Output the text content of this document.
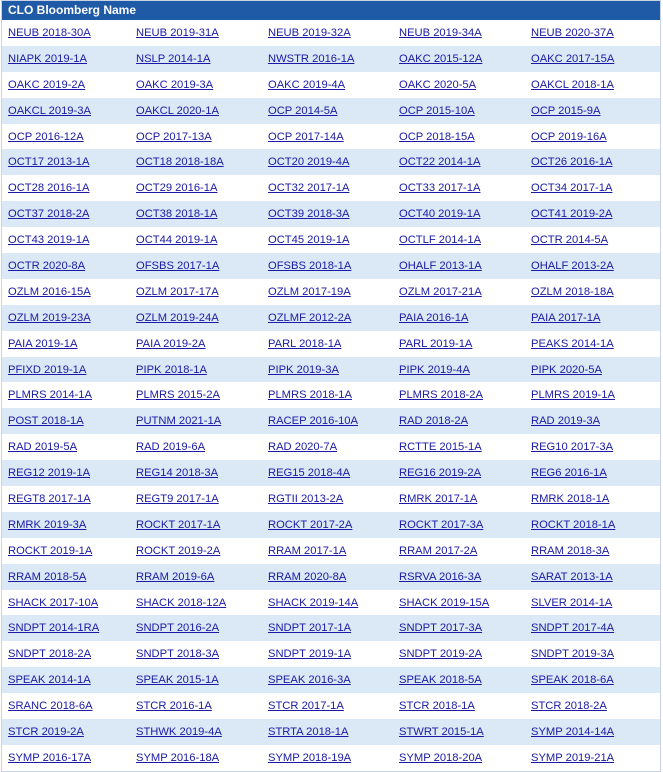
CLO Bloomberg Name
NEUB 2018-30A	NEUB 2019-31A	NEUB 2019-32A	NEUB 2019-34A	NEUB 2020-37A
NIAPK 2019-1A	NSLP 2014-1A	NWSTR 2016-1A	OAKC 2015-12A	OAKC 2017-15A
OAKC 2019-2A	OAKC 2019-3A	OAKC 2019-4A	OAKC 2020-5A	OAKCL 2018-1A
OAKCL 2019-3A	OAKCL 2020-1A	OCP 2014-5A	OCP 2015-10A	OCP 2015-9A
OCP 2016-12A	OCP 2017-13A	OCP 2017-14A	OCP 2018-15A	OCP 2019-16A
OCT17 2013-1A	OCT18 2018-18A	OCT20 2019-4A	OCT22 2014-1A	OCT26 2016-1A
OCT28 2016-1A	OCT29 2016-1A	OCT32 2017-1A	OCT33 2017-1A	OCT34 2017-1A
OCT37 2018-2A	OCT38 2018-1A	OCT39 2018-3A	OCT40 2019-1A	OCT41 2019-2A
OCT43 2019-1A	OCT44 2019-1A	OCT45 2019-1A	OCTLF 2014-1A	OCTR 2014-5A
OCTR 2020-8A	OFSBS 2017-1A	OFSBS 2018-1A	OHALF 2013-1A	OHALF 2013-2A
OZLM 2016-15A	OZLM 2017-17A	OZLM 2017-19A	OZLM 2017-21A	OZLM 2018-18A
OZLM 2019-23A	OZLM 2019-24A	OZLMF 2012-2A	PAIA 2016-1A	PAIA 2017-1A
PAIA 2019-1A	PAIA 2019-2A	PARL 2018-1A	PARL 2019-1A	PEAKS 2014-1A
PFIXD 2019-1A	PIPK 2018-1A	PIPK 2019-3A	PIPK 2019-4A	PIPK 2020-5A
PLMRS 2014-1A	PLMRS 2015-2A	PLMRS 2018-1A	PLMRS 2018-2A	PLMRS 2019-1A
POST 2018-1A	PUTNM 2021-1A	RACEP 2016-10A	RAD 2018-2A	RAD 2019-3A
RAD 2019-5A	RAD 2019-6A	RAD 2020-7A	RCTTE 2015-1A	REG10 2017-3A
REG12 2019-1A	REG14 2018-3A	REG15 2018-4A	REG16 2019-2A	REG6 2016-1A
REGT8 2017-1A	REGT9 2017-1A	RGTII 2013-2A	RMRK 2017-1A	RMRK 2018-1A
RMRK 2019-3A	ROCKT 2017-1A	ROCKT 2017-2A	ROCKT 2017-3A	ROCKT 2018-1A
ROCKT 2019-1A	ROCKT 2019-2A	RRAM 2017-1A	RRAM 2017-2A	RRAM 2018-3A
RRAM 2018-5A	RRAM 2019-6A	RRAM 2020-8A	RSRVA 2016-3A	SARAT 2013-1A
SHACK 2017-10A	SHACK 2018-12A	SHACK 2019-14A	SHACK 2019-15A	SLVER 2014-1A
SNDPT 2014-1RA	SNDPT 2016-2A	SNDPT 2017-1A	SNDPT 2017-3A	SNDPT 2017-4A
SNDPT 2018-2A	SNDPT 2018-3A	SNDPT 2019-1A	SNDPT 2019-2A	SNDPT 2019-3A
SPEAK 2014-1A	SPEAK 2015-1A	SPEAK 2016-3A	SPEAK 2018-5A	SPEAK 2018-6A
SRANC 2018-6A	STCR 2016-1A	STCR 2017-1A	STCR 2018-1A	STCR 2018-2A
STCR 2019-2A	STHWK 2019-4A	STRTA 2018-1A	STWRT 2015-1A	SYMP 2014-14A
SYMP 2016-17A	SYMP 2016-18A	SYMP 2018-19A	SYMP 2018-20A	SYMP 2019-21A
